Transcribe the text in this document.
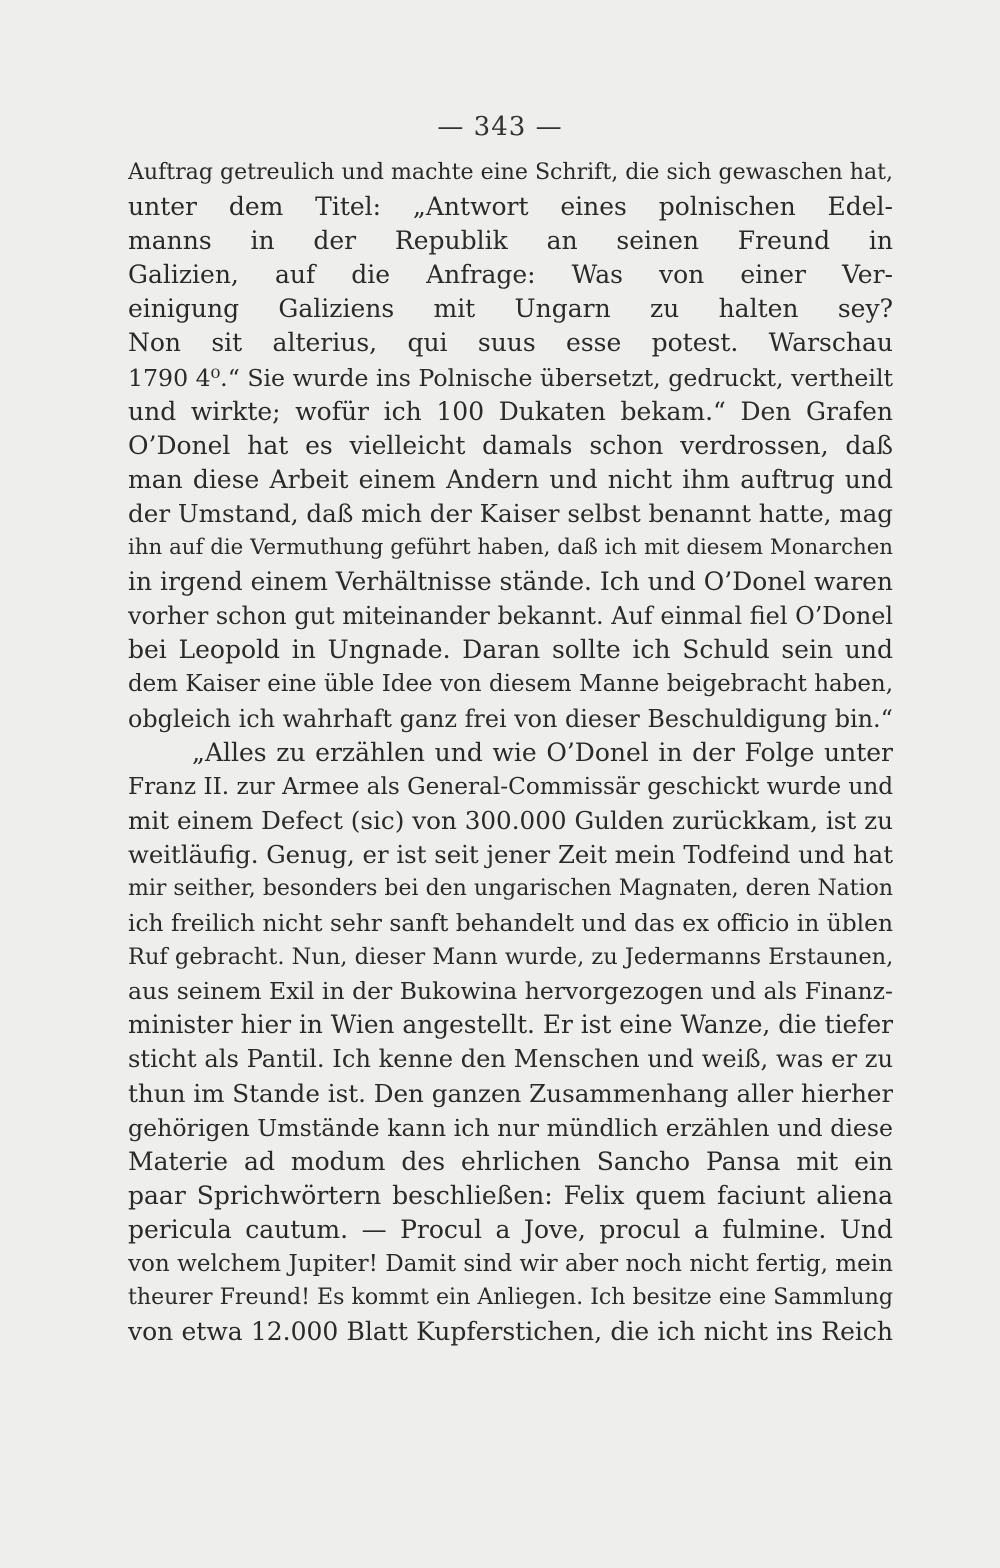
— 343 —
Auftrag getreulich und machte eine Schrift, die sich gewaschen hat,
unter dem Titel: „Antwort eines polnischen Edel-
manns in der Republik an seinen Freund in
Galizien, auf die Anfrage: Was von einer Ver-
einigung Galiziens mit Ungarn zu halten sey?
Non sit alterius, qui suus esse potest. Warschau
1790 4⁰.“ Sie wurde ins Polnische übersetzt, gedruckt, vertheilt
und wirkte; wofür ich 100 Dukaten bekam.“ Den Grafen
O’Donel hat es vielleicht damals schon verdrossen, daß
man diese Arbeit einem Andern und nicht ihm auftrug und
der Umstand, daß mich der Kaiser selbst benannt hatte, mag
ihn auf die Vermuthung geführt haben, daß ich mit diesem Monarchen
in irgend einem Verhältnisse stände. Ich und O’Donel waren
vorher schon gut miteinander bekannt. Auf einmal fiel O’Donel
bei Leopold in Ungnade. Daran sollte ich Schuld sein und
dem Kaiser eine üble Idee von diesem Manne beigebracht haben,
obgleich ich wahrhaft ganz frei von dieser Beschuldigung bin.“
„Alles zu erzählen und wie O’Donel in der Folge unter
Franz II. zur Armee als General-Commissär geschickt wurde und
mit einem Defect (sic) von 300.000 Gulden zurückkam, ist zu
weitläufig. Genug, er ist seit jener Zeit mein Todfeind und hat
mir seither, besonders bei den ungarischen Magnaten, deren Nation
ich freilich nicht sehr sanft behandelt und das ex officio in üblen
Ruf gebracht. Nun, dieser Mann wurde, zu Jedermanns Erstaunen,
aus seinem Exil in der Bukowina hervorgezogen und als Finanz-
minister hier in Wien angestellt. Er ist eine Wanze, die tiefer
sticht als Pantil. Ich kenne den Menschen und weiß, was er zu
thun im Stande ist. Den ganzen Zusammenhang aller hierher
gehörigen Umstände kann ich nur mündlich erzählen und diese
Materie ad modum des ehrlichen Sancho Pansa mit ein
paar Sprichwörtern beschließen: Felix quem faciunt aliena
pericula cautum. — Procul a Jove, procul a fulmine. Und
von welchem Jupiter! Damit sind wir aber noch nicht fertig, mein
theurer Freund! Es kommt ein Anliegen. Ich besitze eine Sammlung
von etwa 12.000 Blatt Kupferstichen, die ich nicht ins Reich
